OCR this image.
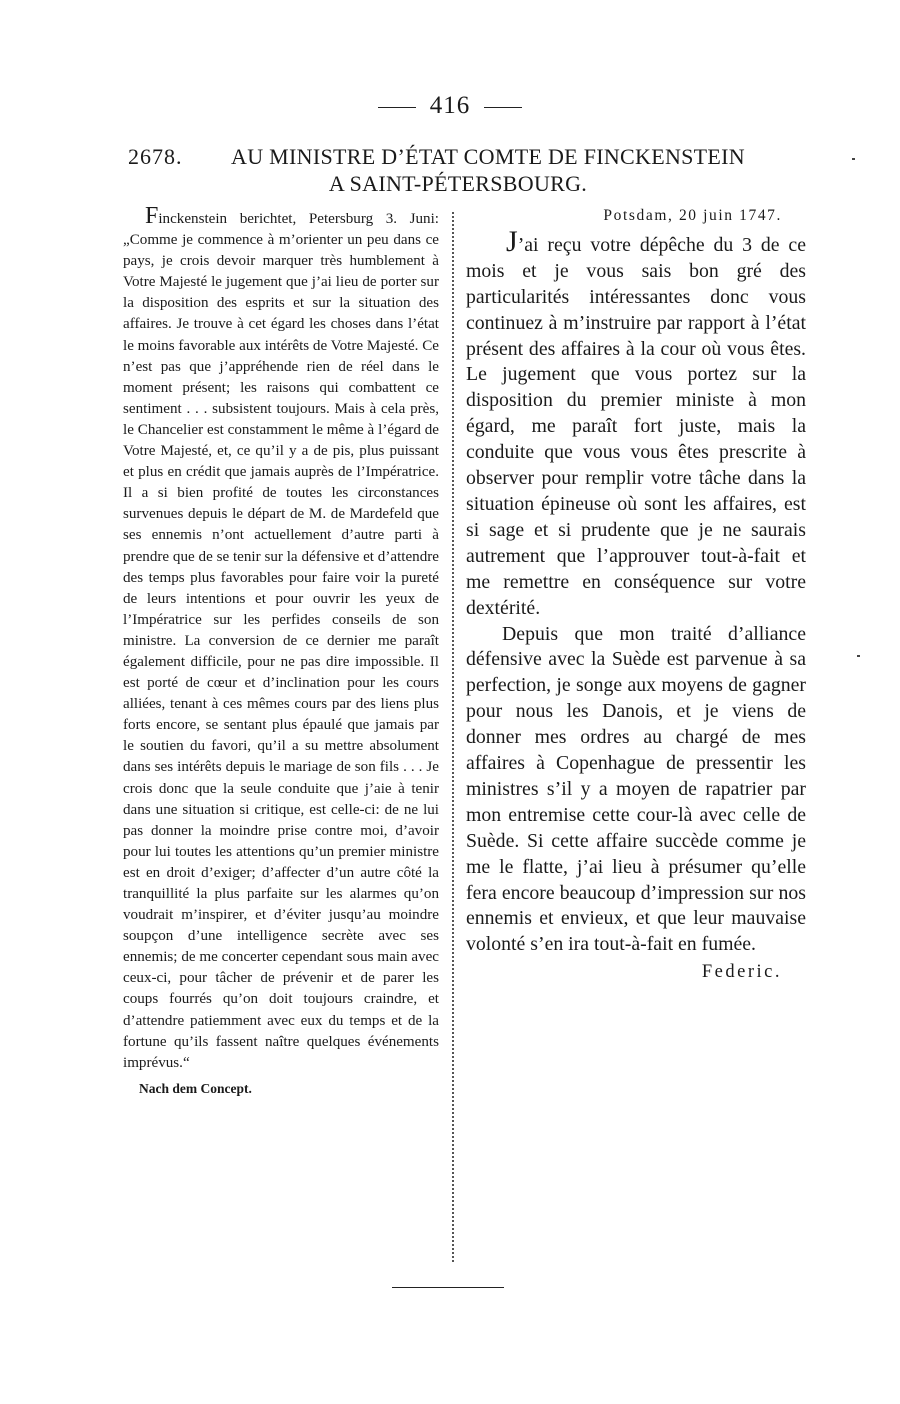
416
2678.	AU MINISTRE D’ÉTAT COMTE DE FINCKENSTEIN
A SAINT-PÉTERSBOURG.

Finckenstein berichtet, Petersburg 3. Juni: „Comme je commence à m’orienter un peu dans ce pays, je crois devoir marquer très humblement à Votre Majesté le jugement que j’ai lieu de porter sur la disposition des esprits et sur la situation des affaires. Je trouve à cet égard les choses dans l’état le moins favorable aux intérêts de Votre Majesté. Ce n’est pas que j’appréhende rien de réel dans le moment présent; les raisons qui combattent ce sentiment . . . subsistent toujours. Mais à cela près, le Chancelier est constamment le même à l’égard de Votre Majesté, et, ce qu’il y a de pis, plus puissant et plus en crédit que jamais auprès de l’Impératrice. Il a si bien profité de toutes les circonstances survenues depuis le départ de M. de Mardefeld que ses ennemis n’ont actuellement d’autre parti à prendre que de se tenir sur la défensive et d’attendre des temps plus favorables pour faire voir la pureté de leurs intentions et pour ouvrir les yeux de l’Impératrice sur les perfides conseils de son ministre. La conversion de ce dernier me paraît également difficile, pour ne pas dire impossible. Il est porté de cœur et d’inclination pour les cours alliées, tenant à ces mêmes cours par des liens plus forts encore, se sentant plus épaulé que jamais par le soutien du favori, qu’il a su mettre absolument dans ses intérêts depuis le mariage de son fils . . . Je crois donc que la seule conduite que j’aie à tenir dans une situation si critique, est celle-ci: de ne lui pas donner la moindre prise contre moi, d’avoir pour lui toutes les attentions qu’un premier ministre est en droit d’exiger; d’affecter d’un autre côté la tranquillité la plus parfaite sur les alarmes qu’on voudrait m’inspirer, et d’éviter jusqu’au moindre soupçon d’une intelligence secrète avec ses ennemis; de me concerter cependant sous main avec ceux-ci, pour tâcher de prévenir et de parer les coups fourrés qu’on doit toujours craindre, et d’attendre patiemment avec eux du temps et de la fortune qu’ils fassent naître quelques événements imprévus.“

Nach dem Concept.
Potsdam, 20 juin 1747.

J’ai reçu votre dépêche du 3 de ce mois et je vous sais bon gré des particularités intéressantes donc vous continuez à m’instruire par rapport à l’état présent des affaires à la cour où vous êtes. Le jugement que vous portez sur la disposition du premier ministe à mon égard, me paraît fort juste, mais la conduite que vous vous êtes prescrite à observer pour remplir votre tâche dans la situation épineuse où sont les affaires, est si sage et si prudente que je ne saurais autrement que l’approuver tout-à-fait et me remettre en conséquence sur votre dextérité.

Depuis que mon traité d’alliance défensive avec la Suède est parvenue à sa perfection, je songe aux moyens de gagner pour nous les Danois, et je viens de donner mes ordres au chargé de mes affaires à Copenhague de pressentir les ministres s’il y a moyen de rapatrier par mon entremise cette cour-là avec celle de Suède. Si cette affaire succède comme je me le flatte, j’ai lieu à présumer qu’elle fera encore beaucoup d’impression sur nos ennemis et envieux, et que leur mauvaise volonté s’en ira tout-à-fait en fumée.

Federic.
